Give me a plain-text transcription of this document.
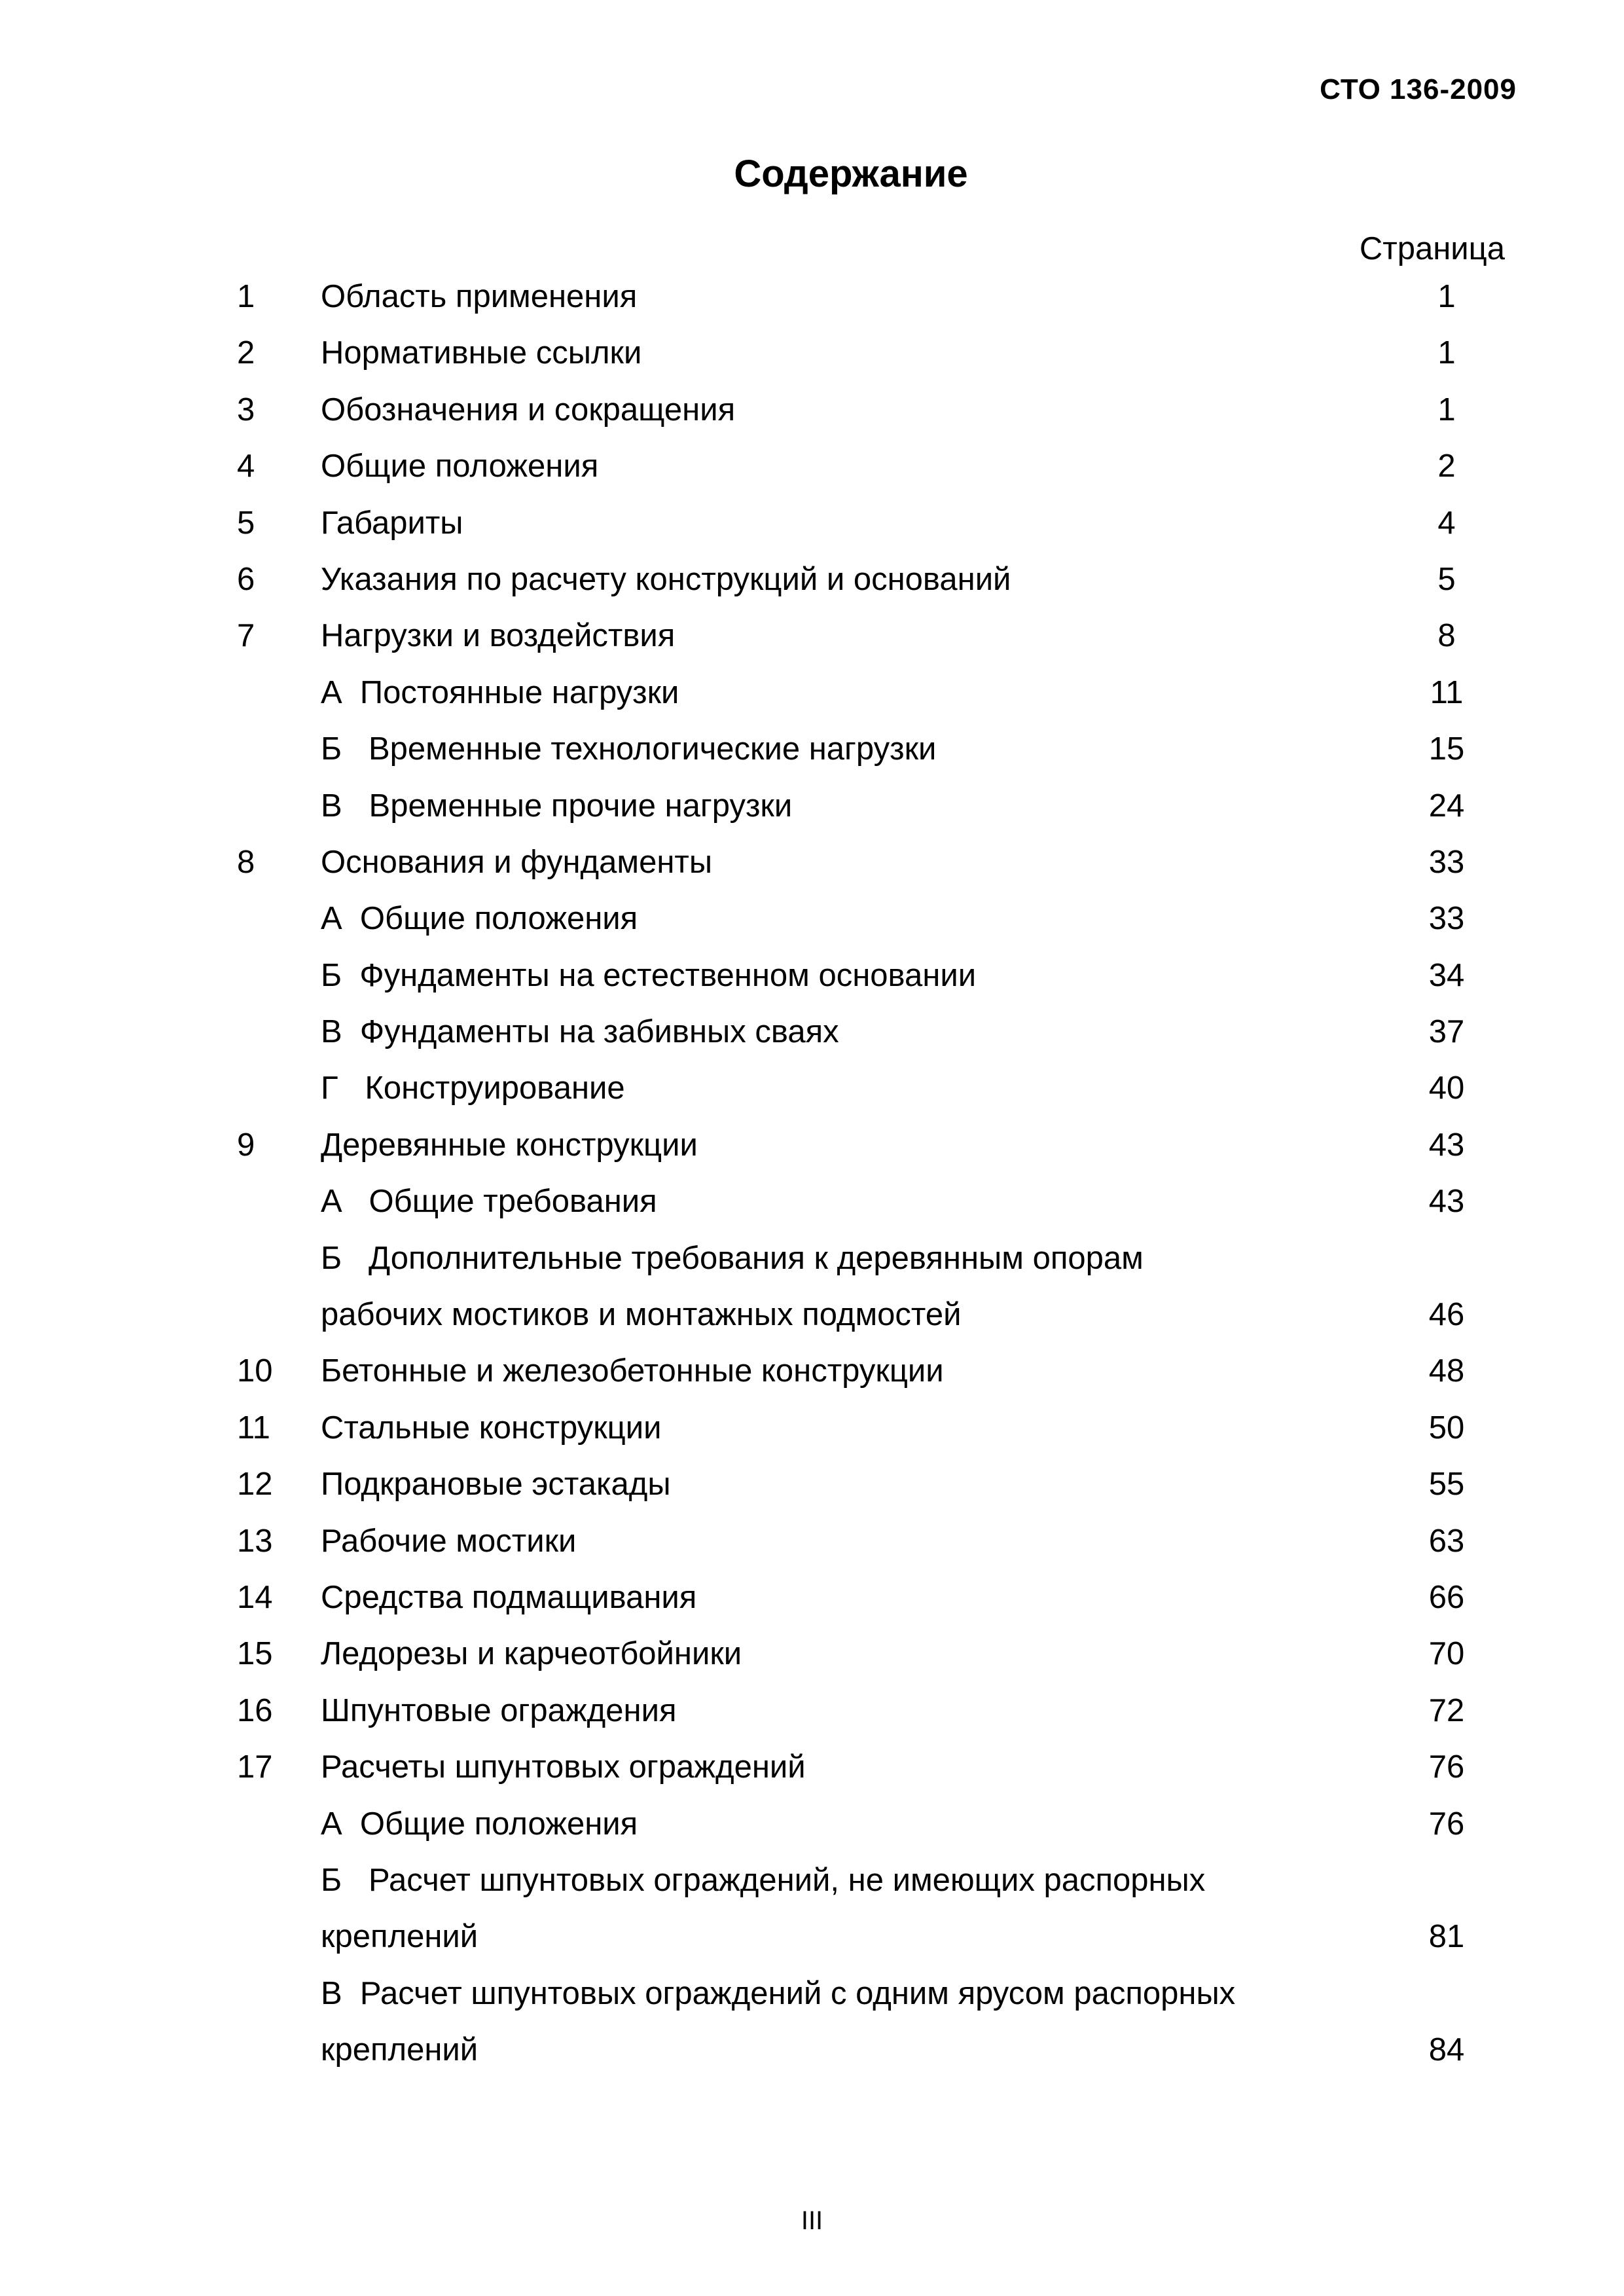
СТО 136-2009
Содержание
Страница
1 Область применения	1
2 Нормативные ссылки	1
3 Обозначения и сокращения	1
4 Общие положения	2
5 Габариты	4
6 Указания по расчету конструкций и оснований	5
7 Нагрузки и воздействия	8
А  Постоянные нагрузки	11
Б   Временные технологические нагрузки	15
В   Временные прочие нагрузки	24
8 Основания и фундаменты	33
А  Общие положения	33
Б  Фундаменты на естественном основании	34
В  Фундаменты на забивных сваях	37
Г   Конструирование	40
9 Деревянные конструкции	43
А   Общие требования	43
Б   Дополнительные требования к деревянным опорам
рабочих мостиков и монтажных подмостей	46
10 Бетонные и железобетонные конструкции	48
11 Стальные конструкции	50
12 Подкрановые эстакады	55
13 Рабочие мостики	63
14 Средства подмащивания	66
15 Ледорезы и карчеотбойники	70
16 Шпунтовые ограждения	72
17 Расчеты шпунтовых ограждений	76
А  Общие положения	76
Б   Расчет шпунтовых ограждений, не имеющих распорных
креплений	81
В  Расчет шпунтовых ограждений с одним ярусом распорных
креплений	84
III
